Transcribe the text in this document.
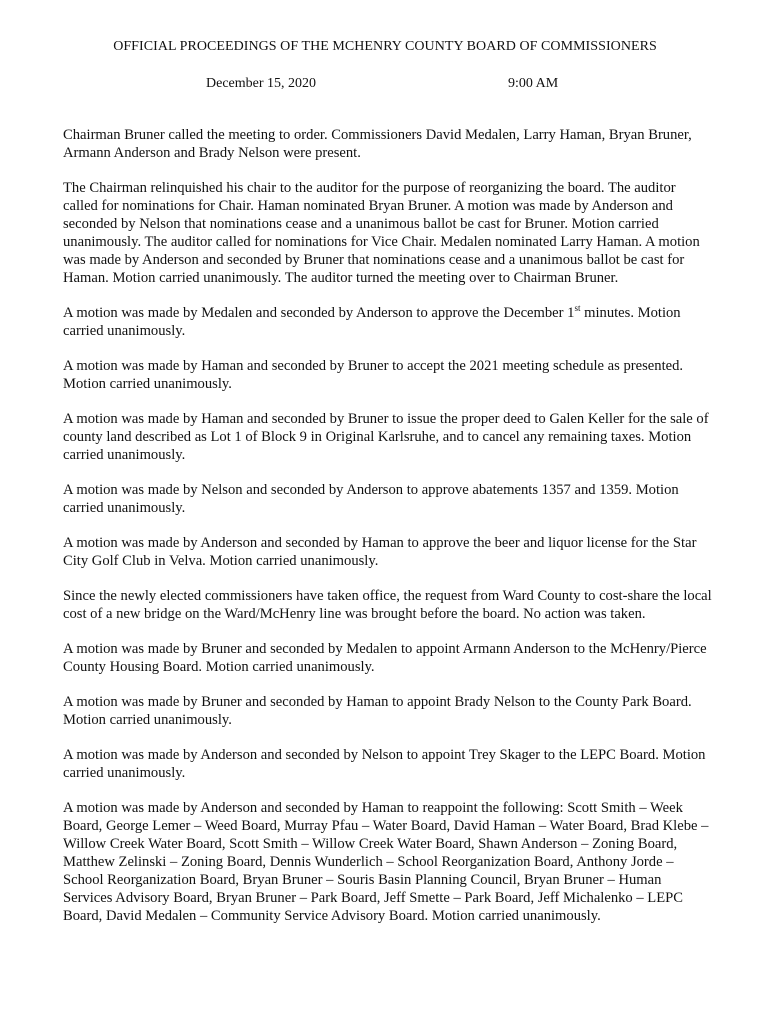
OFFICIAL PROCEEDINGS OF THE MCHENRY COUNTY BOARD OF COMMISSIONERS
December 15, 2020	9:00 AM

Chairman Bruner called the meeting to order. Commissioners David Medalen, Larry Haman, Bryan Bruner, Armann Anderson and Brady Nelson were present.

The Chairman relinquished his chair to the auditor for the purpose of reorganizing the board. The auditor called for nominations for Chair. Haman nominated Bryan Bruner. A motion was made by Anderson and seconded by Nelson that nominations cease and a unanimous ballot be cast for Bruner. Motion carried unanimously. The auditor called for nominations for Vice Chair. Medalen nominated Larry Haman. A motion was made by Anderson and seconded by Bruner that nominations cease and a unanimous ballot be cast for Haman. Motion carried unanimously. The auditor turned the meeting over to Chairman Bruner.

A motion was made by Medalen and seconded by Anderson to approve the December 1st minutes. Motion carried unanimously.

A motion was made by Haman and seconded by Bruner to accept the 2021 meeting schedule as presented. Motion carried unanimously.

A motion was made by Haman and seconded by Bruner to issue the proper deed to Galen Keller for the sale of county land described as Lot 1 of Block 9 in Original Karlsruhe, and to cancel any remaining taxes. Motion carried unanimously.

A motion was made by Nelson and seconded by Anderson to approve abatements 1357 and 1359. Motion carried unanimously.

A motion was made by Anderson and seconded by Haman to approve the beer and liquor license for the Star City Golf Club in Velva. Motion carried unanimously.

Since the newly elected commissioners have taken office, the request from Ward County to cost-share the local cost of a new bridge on the Ward/McHenry line was brought before the board. No action was taken.

A motion was made by Bruner and seconded by Medalen to appoint Armann Anderson to the McHenry/Pierce County Housing Board. Motion carried unanimously.

A motion was made by Bruner and seconded by Haman to appoint Brady Nelson to the County Park Board. Motion carried unanimously.

A motion was made by Anderson and seconded by Nelson to appoint Trey Skager to the LEPC Board. Motion carried unanimously.

A motion was made by Anderson and seconded by Haman to reappoint the following: Scott Smith – Week Board, George Lemer – Weed Board, Murray Pfau – Water Board, David Haman – Water Board, Brad Klebe – Willow Creek Water Board, Scott Smith – Willow Creek Water Board, Shawn Anderson – Zoning Board, Matthew Zelinski – Zoning Board, Dennis Wunderlich – School Reorganization Board, Anthony Jorde – School Reorganization Board, Bryan Bruner – Souris Basin Planning Council, Bryan Bruner – Human Services Advisory Board, Bryan Bruner – Park Board, Jeff Smette – Park Board, Jeff Michalenko – LEPC Board, David Medalen – Community Service Advisory Board. Motion carried unanimously.
